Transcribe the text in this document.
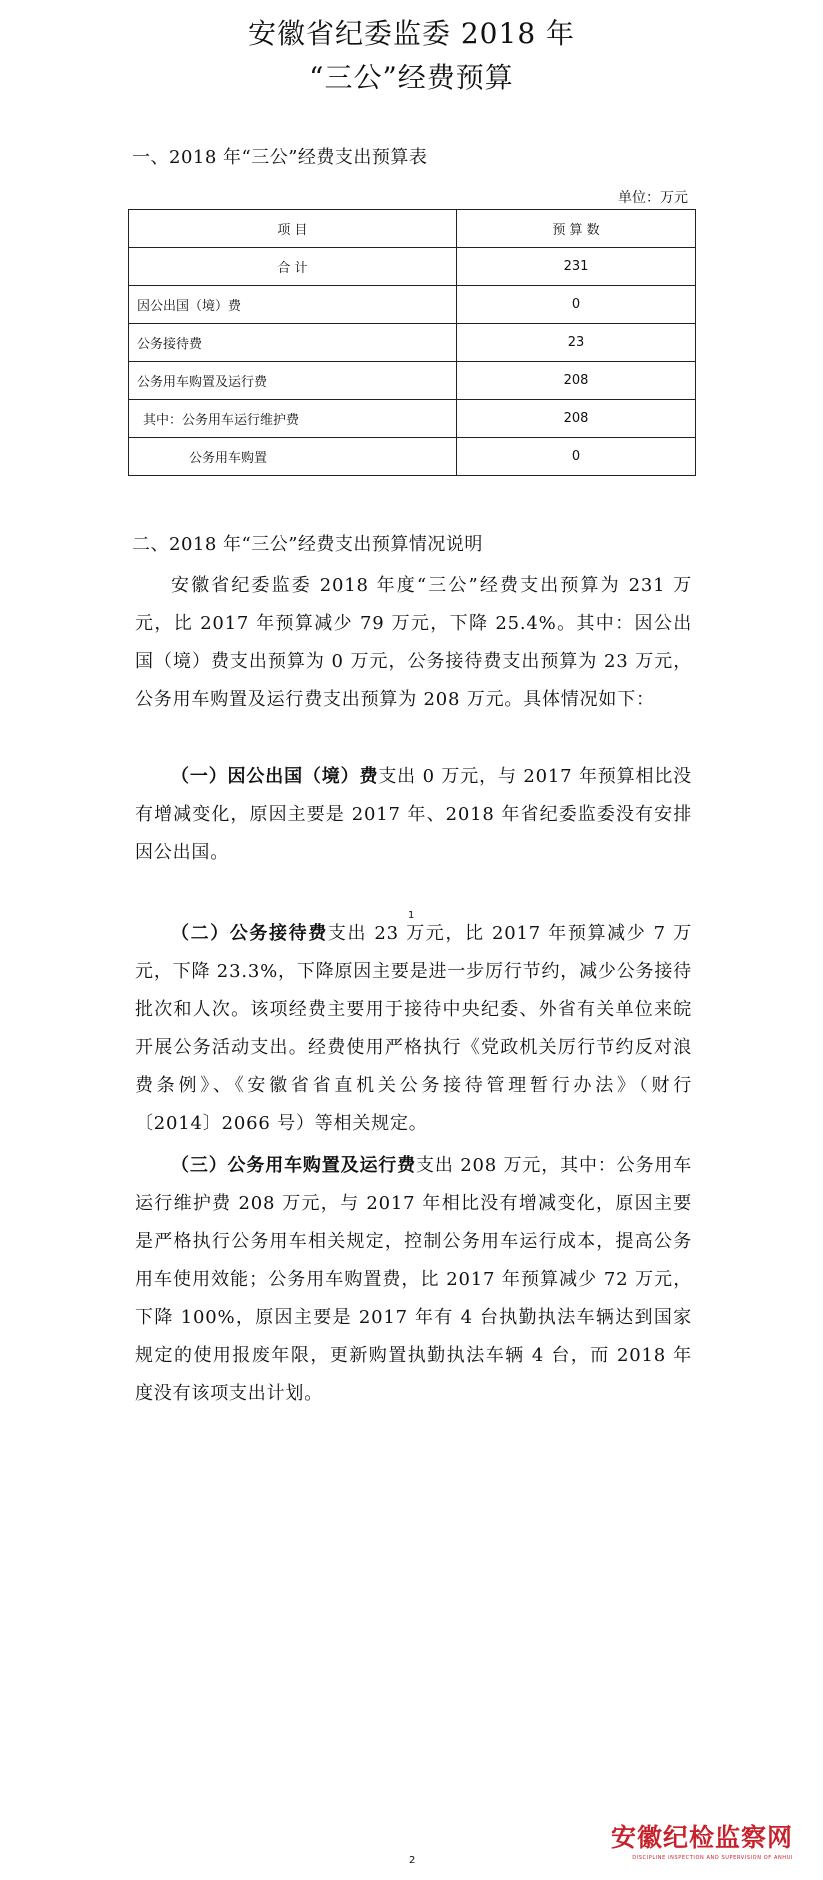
安徽省纪委监委 2018 年
“三公”经费预算
一、2018 年“三公”经费支出预算表
单位：万元
项 目	预 算 数
合 计	231
因公出国（境）费	0
公务接待费	23
公务用车购置及运行费	208
其中：公务用车运行维护费	208
公务用车购置	0
二、2018 年“三公”经费支出预算情况说明
安徽省纪委监委 2018 年度“三公”经费支出预算为 231 万元，比 2017 年预算减少 79 万元，下降 25.4%。其中：因公出国（境）费支出预算为 0 万元，公务接待费支出预算为 23 万元，公务用车购置及运行费支出预算为 208 万元。具体情况如下：
（一）因公出国（境）费支出 0 万元，与 2017 年预算相比没有增减变化，原因主要是 2017 年、2018 年省纪委监委没有安排因公出国。
1
（二）公务接待费支出 23 万元，比 2017 年预算减少 7 万元，下降 23.3%，下降原因主要是进一步厉行节约，减少公务接待批次和人次。该项经费主要用于接待中央纪委、外省有关单位来皖开展公务活动支出。经费使用严格执行《党政机关厉行节约反对浪费条例》、《安徽省省直机关公务接待管理暂行办法》（财行〔2014〕2066 号）等相关规定。
（三）公务用车购置及运行费支出 208 万元，其中：公务用车运行维护费 208 万元，与 2017 年相比没有增减变化，原因主要是严格执行公务用车相关规定，控制公务用车运行成本，提高公务用车使用效能；公务用车购置费，比 2017 年预算减少 72 万元，下降 100%，原因主要是 2017 年有 4 台执勤执法车辆达到国家规定的使用报废年限，更新购置执勤执法车辆 4 台，而 2018 年度没有该项支出计划。
安徽纪检监察网
DISCIPLINE INSPECTION AND SUPERVISION OF ANHUI
2
